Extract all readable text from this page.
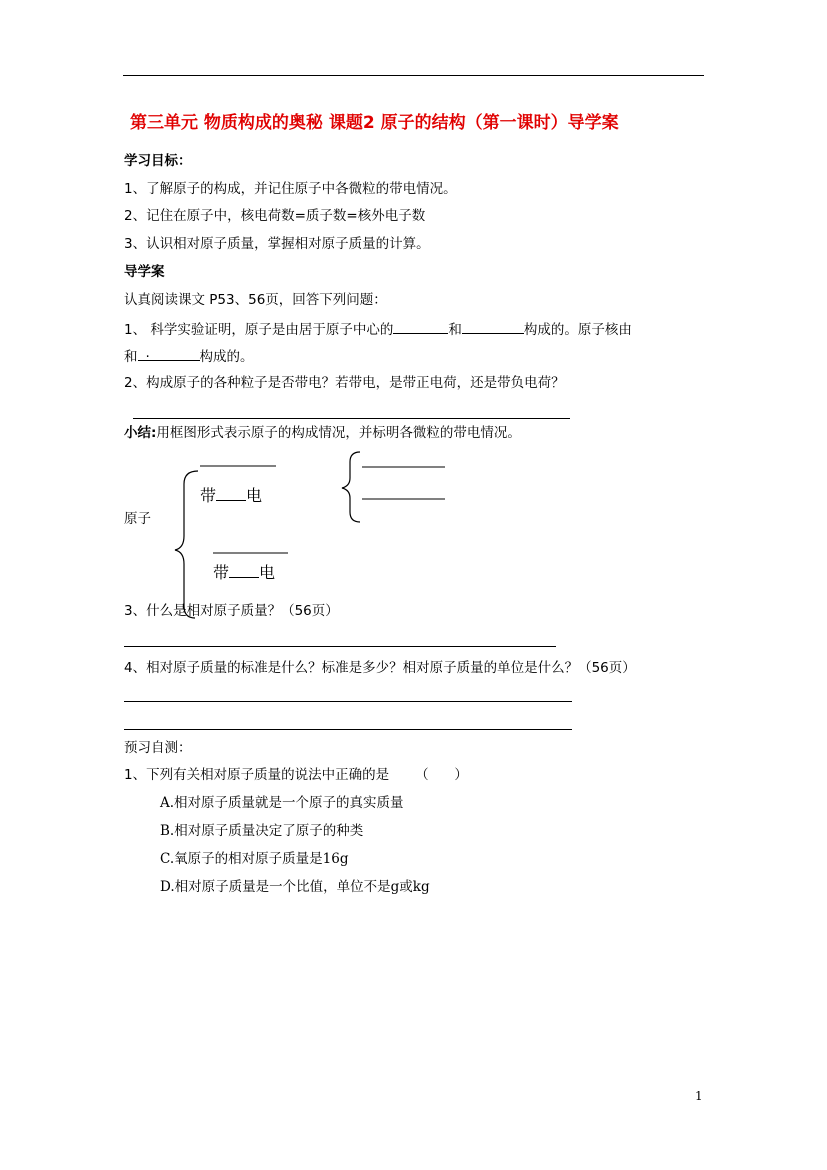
第三单元 物质构成的奥秘 课题2 原子的结构（第一课时）导学案
学习目标：
1、了解原子的构成，并记住原子中各微粒的带电情况。
2、记住在原子中，核电荷数=质子数=核外电子数
3、认识相对原子质量，掌握相对原子质量的计算。
导学案
认真阅读课文 P53、56页，回答下列问题：
1、 科学实验证明，原子是由居于原子中心的	和	构成的。原子核由
和 .	构成的。
2、构成原子的各种粒子是否带电？若带电，是带正电荷，还是带负电荷？
小结:用框图形式表示原子的构成情况，并标明各微粒的带电情况。
原子
带 电
带 电
3、什么是相对原子质量？（56页）
4、相对原子质量的标准是什么？标准是多少？相对原子质量的单位是什么？（56页）
预习自测：
1、下列有关相对原子质量的说法中正确的是 （      ）
A.相对原子质量就是一个原子的真实质量
B.相对原子质量决定了原子的种类
C.氧原子的相对原子质量是16g
D.相对原子质量是一个比值，单位不是g或kg
1
